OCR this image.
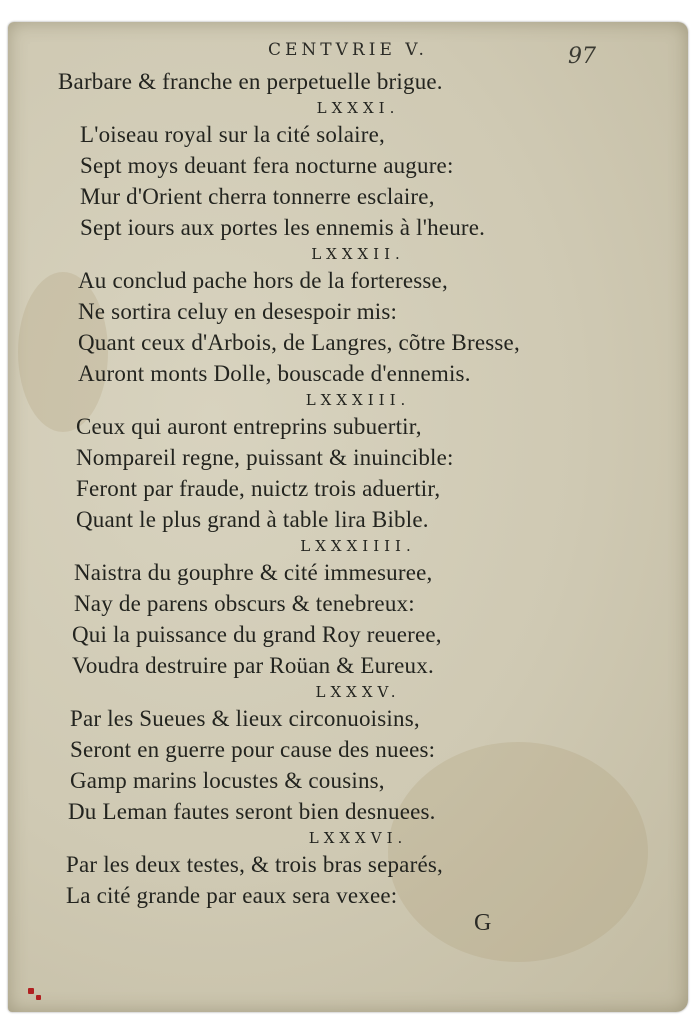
CENTVRIE V.	97
Barbare & franche en perpetuelle brigue.
LXXXI.
L'oiseau royal sur la cité solaire,
Sept moys deuant fera nocturne augure:
Mur d'Orient cherra tonnerre esclaire,
Sept iours aux portes les ennemis à l'heure.
LXXXII.
Au conclud pache hors de la forteresse,
Ne sortira celuy en desespoir mis:
Quant ceux d'Arbois, de Langres, cõtre Bresse,
Auront monts Dolle, bouscade d'ennemis.
LXXXIII.
Ceux qui auront entreprins subuertir,
Nompareil regne, puissant & inuincible:
Feront par fraude, nuictz trois aduertir,
Quant le plus grand à table lira Bible.
LXXXIIII.
Naistra du gouphre & cité immesuree,
Nay de parens obscurs & tenebreux:
Qui la puissance du grand Roy reueree,
Voudra destruire par Roüan & Eureux.
LXXXV.
Par les Sueues & lieux circonuoisins,
Seront en guerre pour cause des nuees:
Gamp marins locustes & cousins,
Du Leman fautes seront bien desnuees.
LXXXVI.
Par les deux testes, & trois bras separés,
La cité grande par eaux sera vexee:
G
